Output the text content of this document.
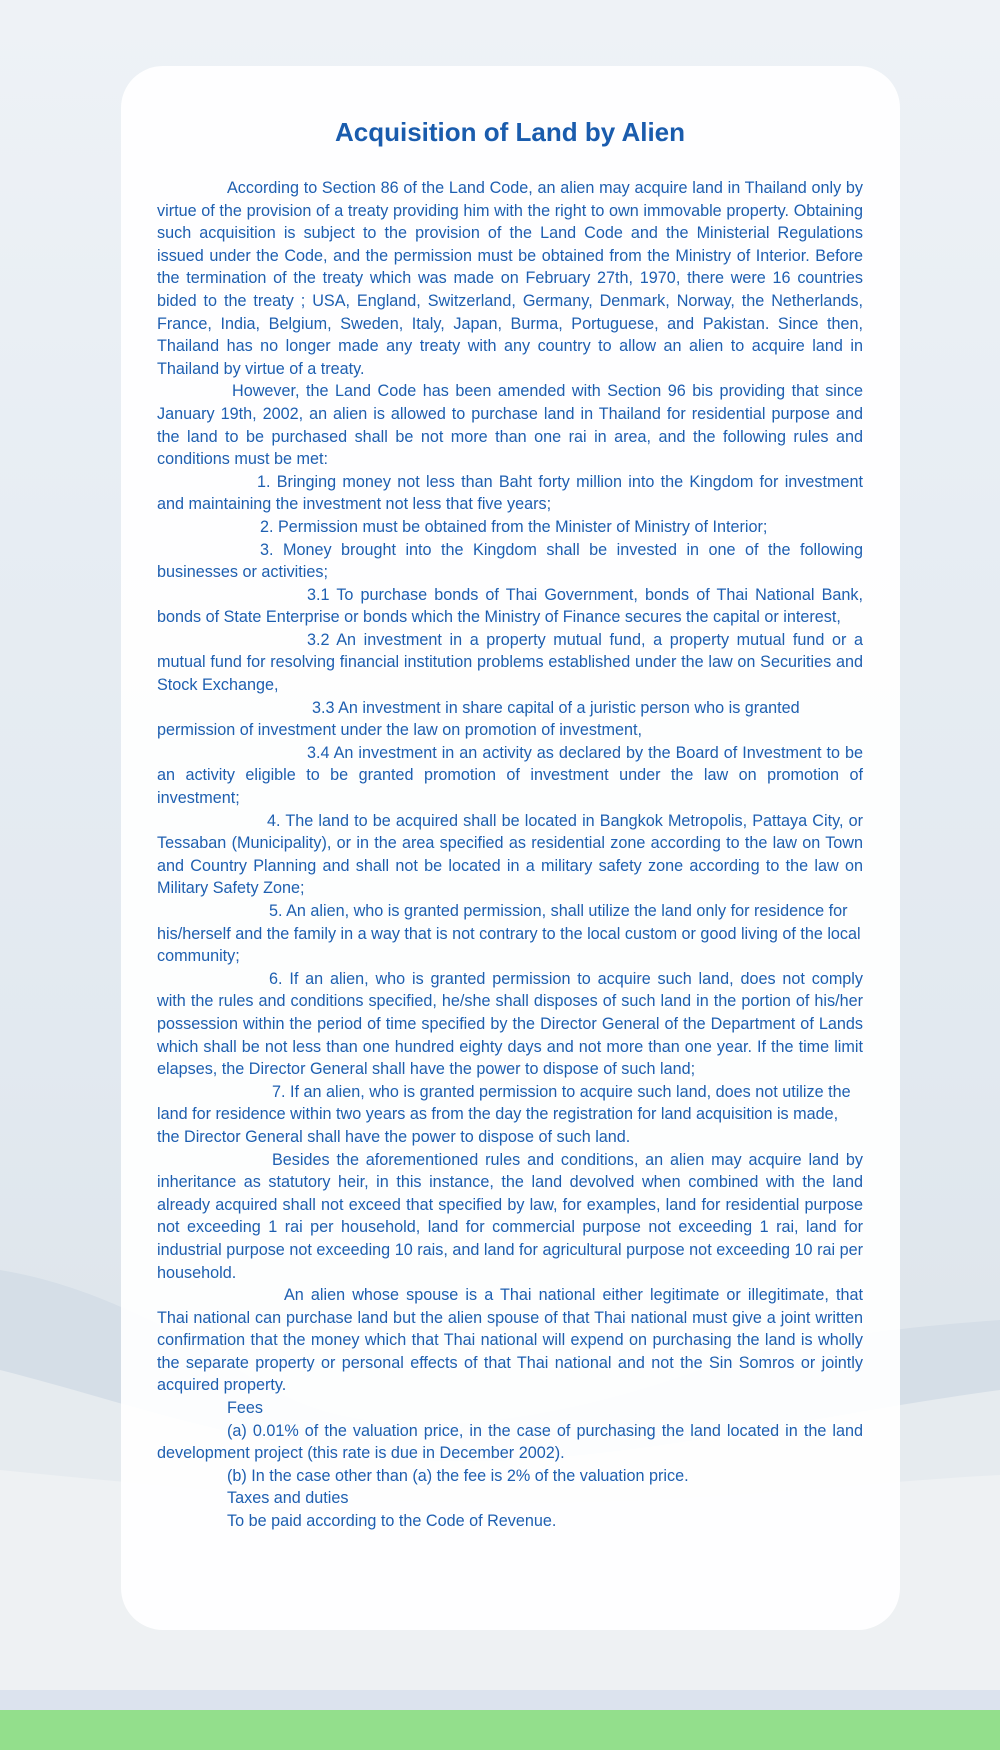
Acquisition of Land by Alien

According to Section 86 of the Land Code, an alien may acquire land in Thailand only by virtue of the provision of a treaty providing him with the right to own immovable property. Obtaining such acquisition is subject to the provision of the Land Code and the Ministerial Regulations issued under the Code, and the permission must be obtained from the Ministry of Interior. Before the termination of the treaty which was made on February 27th, 1970, there were 16 countries bided to the treaty ; USA, England, Switzerland, Germany, Denmark, Norway, the Netherlands, France, India, Belgium, Sweden, Italy, Japan, Burma, Portuguese, and Pakistan. Since then, Thailand has no longer made any treaty with any country to allow an alien to acquire land in Thailand by virtue of a treaty.

However, the Land Code has been amended with Section 96 bis providing that since January 19th, 2002, an alien is allowed to purchase land in Thailand for residential purpose and the land to be purchased shall be not more than one rai in area, and the following rules and conditions must be met:

1. Bringing money not less than Baht forty million into the Kingdom for investment and maintaining the investment not less that five years;

2. Permission must be obtained from the Minister of Ministry of Interior;

3. Money brought into the Kingdom shall be invested in one of the following businesses or activities;

3.1 To purchase bonds of Thai Government, bonds of Thai National Bank, bonds of State Enterprise or bonds which the Ministry of Finance secures the capital or interest,

3.2 An investment in a property mutual fund, a property mutual fund or a mutual fund for resolving financial institution problems established under the law on Securities and Stock Exchange,

3.3 An investment in share capital of a juristic person who is granted permission of investment under the law on promotion of investment,

3.4 An investment in an activity as declared by the Board of Investment to be an activity eligible to be granted promotion of investment under the law on promotion of investment;

4. The land to be acquired shall be located in Bangkok Metropolis, Pattaya City, or Tessaban (Municipality), or in the area specified as residential zone according to the law on Town and Country Planning and shall not be located in a military safety zone according to the law on Military Safety Zone;

5. An alien, who is granted permission, shall utilize the land only for residence for his/herself and the family in a way that is not contrary to the local custom or good living of the local community;

6. If an alien, who is granted permission to acquire such land, does not comply with the rules and conditions specified, he/she shall disposes of such land in the portion of his/her possession within the period of time specified by the Director General of the Department of Lands which shall be not less than one hundred eighty days and not more than one year. If the time limit elapses, the Director General shall have the power to dispose of such land;

7. If an alien, who is granted permission to acquire such land, does not utilize the land for residence within two years as from the day the registration for land acquisition is made, the Director General shall have the power to dispose of such land.

Besides the aforementioned rules and conditions, an alien may acquire land by inheritance as statutory heir, in this instance, the land devolved when combined with the land already acquired shall not exceed that specified by law, for examples, land for residential purpose not exceeding 1 rai per household, land for commercial purpose not exceeding 1 rai, land for industrial purpose not exceeding 10 rais, and land for agricultural purpose not exceeding 10 rai per household.

An alien whose spouse is a Thai national either legitimate or illegitimate, that Thai national can purchase land but the alien spouse of that Thai national must give a joint written confirmation that the money which that Thai national will expend on purchasing the land is wholly the separate property or personal effects of that Thai national and not the Sin Somros or jointly acquired property.

Fees

(a) 0.01% of the valuation price, in the case of purchasing the land located in the land development project (this rate is due in December 2002).

(b) In the case other than (a) the fee is 2% of the valuation price.

Taxes and duties

To be paid according to the Code of Revenue.
